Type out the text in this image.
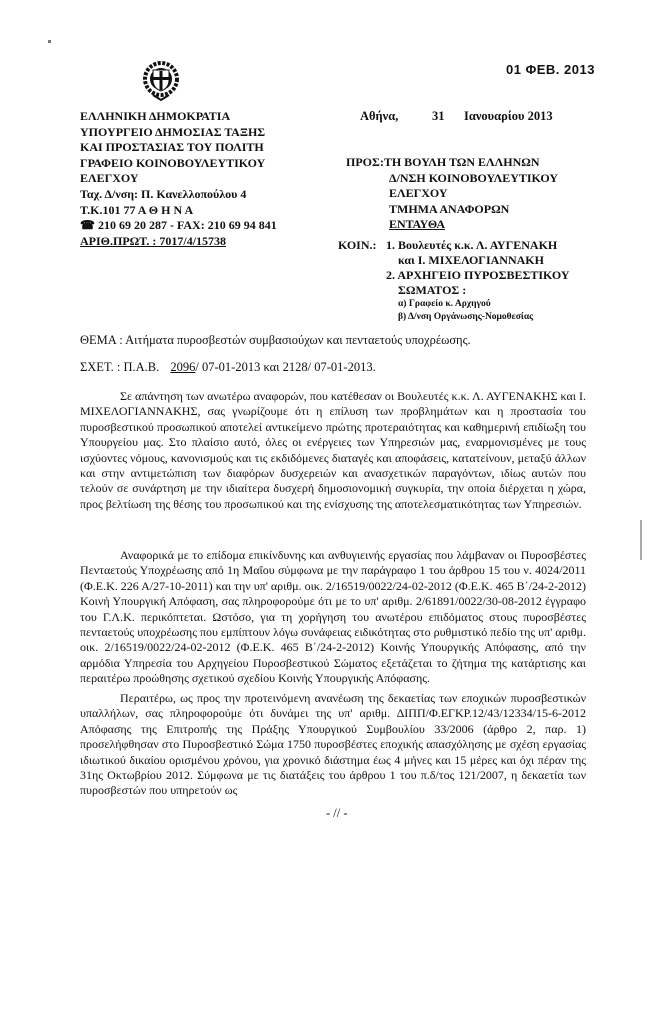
01 ΦΕΒ. 2013
ΕΛΛΗΝΙΚΗ ΔΗΜΟΚΡΑΤΙΑ
ΥΠΟΥΡΓΕΙΟ ΔΗΜΟΣΙΑΣ ΤΑΞΗΣ
ΚΑΙ ΠΡΟΣΤΑΣΙΑΣ ΤΟΥ ΠΟΛΙΤΗ
ΓΡΑΦΕΙΟ ΚΟΙΝΟΒΟΥΛΕΥΤΙΚΟΥ
ΕΛΕΓΧΟΥ
Ταχ. Δ/νση: Π. Κανελλοπούλου 4
Τ.Κ.101 77 Α Θ Η Ν Α
☎ 210 69 20 287 - FAX: 210 69 94 841
ΑΡΙΘ.ΠΡΩΤ. : 7017/4/15738
Αθήνα,	31 Ιανουαρίου 2013
ΠΡΟΣ:ΤΗ ΒΟΥΛΗ ΤΩΝ ΕΛΛΗΝΩΝ
Δ/ΝΣΗ ΚΟΙΝΟΒΟΥΛΕΥΤΙΚΟΥ
ΕΛΕΓΧΟΥ
ΤΜΗΜΑ ΑΝΑΦΟΡΩΝ
ΕΝΤΑΥΘΑ
ΚΟΙΝ.: 1. Βουλευτές κ.κ. Λ. ΑΥΓΕΝΑΚΗ
και Ι. ΜΙΧΕΛΟΓΙΑΝΝΑΚΗ
2. ΑΡΧΗΓΕΙΟ ΠΥΡΟΣΒΕΣΤΙΚΟΥ
ΣΩΜΑΤΟΣ :
α) Γραφείο κ. Αρχηγού
β) Δ/νση Οργάνωσης-Νομοθεσίας
ΘΕΜΑ : Αιτήματα πυροσβεστών συμβασιούχων και πενταετούς υποχρέωσης.
ΣΧΕΤ. : Π.Α.Β. 2096/ 07-01-2013 και 2128/ 07-01-2013.
Σε απάντηση των ανωτέρω αναφορών, που κατέθεσαν οι Βουλευτές κ.κ. Λ. ΑΥΓΕΝΑΚΗΣ και Ι. ΜΙΧΕΛΟΓΙΑΝΝΑΚΗΣ, σας γνωρίζουμε ότι η επίλυση των προβλημάτων και η προστασία του πυροσβεστικού προσωπικού αποτελεί αντικείμενο πρώτης προτεραιότητας και καθημερινή επιδίωξη του Υπουργείου μας. Στο πλαίσιο αυτό, όλες οι ενέργειες των Υπηρεσιών μας, εναρμονισμένες με τους ισχύοντες νόμους, κανονισμούς και τις εκδιδόμενες διαταγές και αποφάσεις, κατατείνουν, μεταξύ άλλων και στην αντιμετώπιση των διαφόρων δυσχερειών και ανασχετικών παραγόντων, ιδίως αυτών που τελούν σε συνάρτηση με την ιδιαίτερα δυσχερή δημοσιονομική συγκυρία, την οποία διέρχεται η χώρα, προς βελτίωση της θέσης του προσωπικού και της ενίσχυσης της αποτελεσματικότητας των Υπηρεσιών.
Αναφορικά με το επίδομα επικίνδυνης και ανθυγιεινής εργασίας που λάμβαναν οι Πυροσβέστες Πενταετούς Υποχρέωσης από 1η Μαΐου σύμφωνα με την παράγραφο 1 του άρθρου 15 του ν. 4024/2011 (Φ.Ε.Κ. 226 Α/27-10-2011) και την υπ' αριθμ. οικ. 2/16519/0022/24-02-2012 (Φ.Ε.Κ. 465 Β΄/24-2-2012) Κοινή Υπουργική Απόφαση, σας πληροφορούμε ότι με το υπ' αριθμ. 2/61891/0022/30-08-2012 έγγραφο του Γ.Λ.Κ. περικόπτεται. Ωστόσο, για τη χορήγηση του ανωτέρου επιδόματος στους πυροσβέστες πενταετούς υποχρέωσης που εμπίπτουν λόγω συνάφειας ειδικότητας στο ρυθμιστικό πεδίο της υπ' αριθμ. οικ. 2/16519/0022/24-02-2012 (Φ.Ε.Κ. 465 Β΄/24-2-2012) Κοινής Υπουργικής Απόφασης, από την αρμόδια Υπηρεσία του Αρχηγείου Πυροσβεστικού Σώματος εξετάζεται το ζήτημα της κατάρτισης και περαιτέρω προώθησης σχετικού σχεδίου Κοινής Υπουργικής Απόφασης.
Περαιτέρω, ως προς την προτεινόμενη ανανέωση της δεκαετίας των εποχικών πυροσβεστικών υπαλλήλων, σας πληροφορούμε ότι δυνάμει της υπ' αριθμ. ΔΙΠΠ/Φ.ΕΓΚΡ.12/43/12334/15-6-2012 Απόφασης της Επιτροπής της Πράξης Υπουργικού Συμβουλίου 33/2006 (άρθρο 2, παρ. 1) προσελήφθησαν στο Πυροσβεστικό Σώμα 1750 πυροσβέστες εποχικής απασχόλησης με σχέση εργασίας ιδιωτικού δικαίου ορισμένου χρόνου, για χρονικό διάστημα έως 4 μήνες και 15 μέρες και όχι πέραν της 31ης Οκτωβρίου 2012. Σύμφωνα με τις διατάξεις του άρθρου 1 του π.δ/τος 121/2007, η δεκαετία των πυροσβεστών που υπηρετούν ως
- // -
